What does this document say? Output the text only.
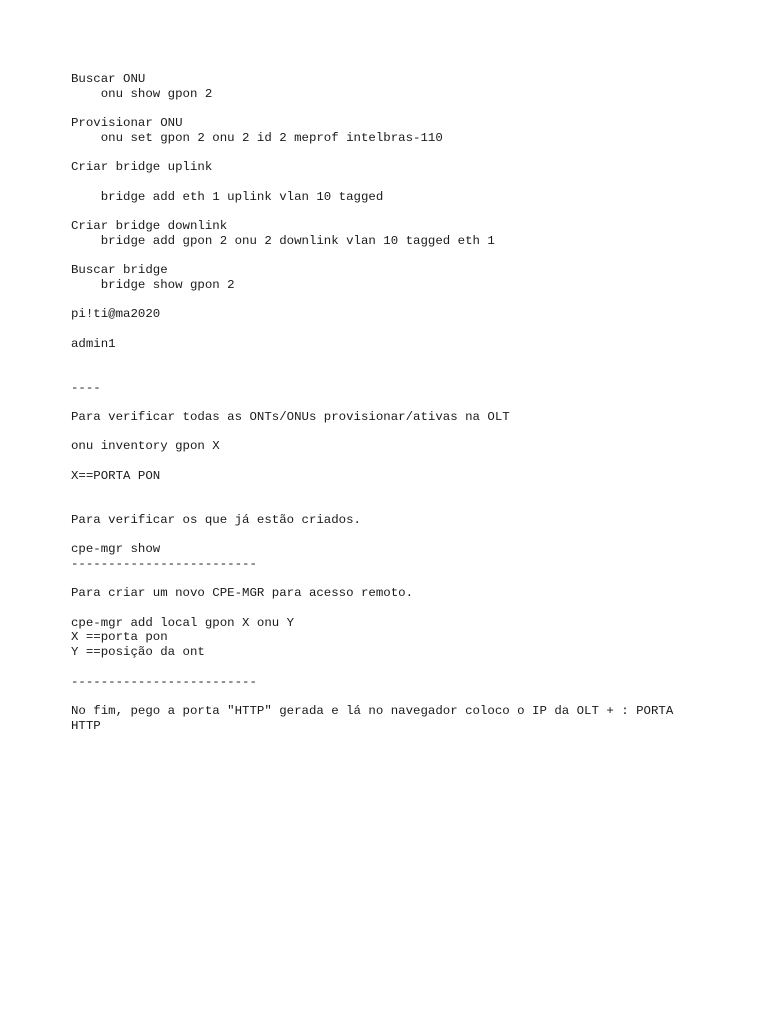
Buscar ONU
onu show gpon 2
Provisionar ONU
onu set gpon 2 onu 2 id 2 meprof intelbras-110
Criar bridge uplink
bridge add eth 1 uplink vlan 10 tagged
Criar bridge downlink
bridge add gpon 2 onu 2 downlink vlan 10 tagged eth 1
Buscar bridge
bridge show gpon 2
pi!ti@ma2020
admin1
----
Para verificar todas as ONTs/ONUs provisionar/ativas na OLT
onu inventory gpon X
X==PORTA PON
Para verificar os que já estão criados.
cpe-mgr show
-------------------------
Para criar um novo CPE-MGR para acesso remoto.
cpe-mgr add local gpon X onu Y
X ==porta pon
Y ==posição da ont
-------------------------
No fim, pego a porta "HTTP" gerada e lá no navegador coloco o IP da OLT + : PORTA
HTTP
